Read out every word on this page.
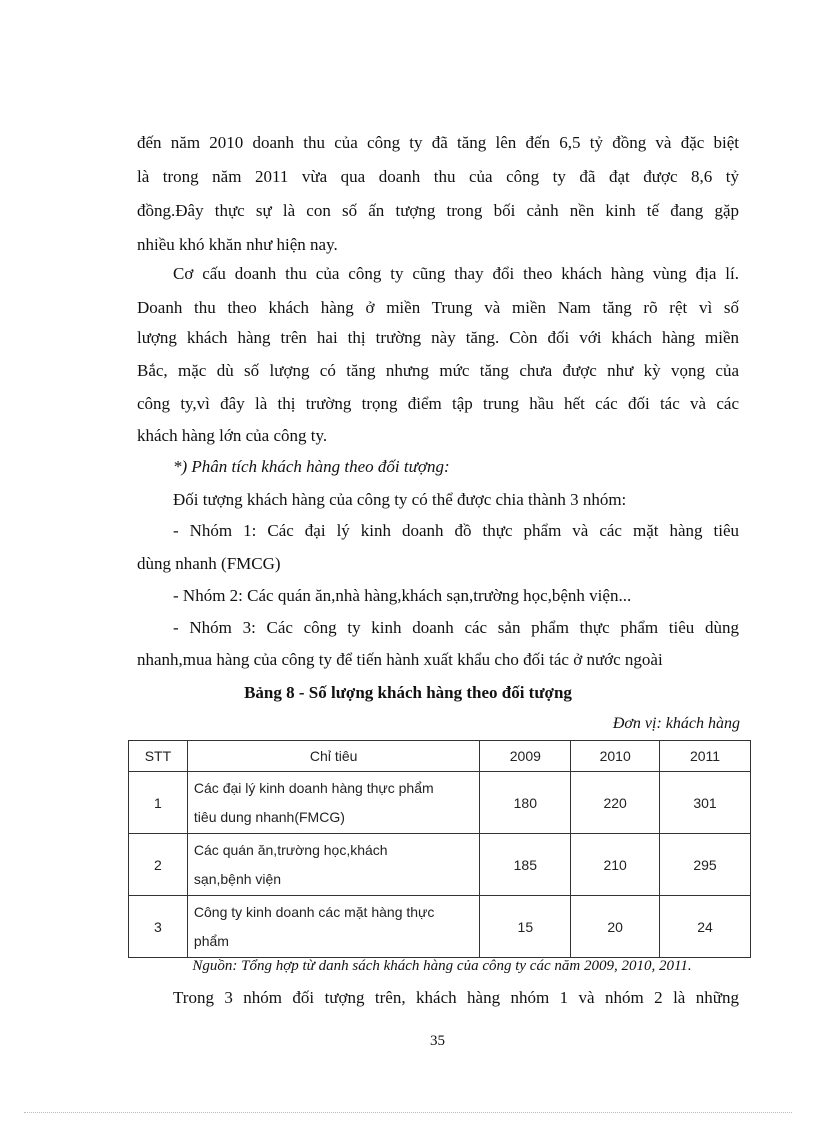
đến năm 2010 doanh thu của công ty đã tăng lên đến 6,5 tỷ đồng và đặc biệt
là trong năm 2011 vừa qua doanh thu của công ty đã đạt được 8,6 tỷ
đồng.Đây thực sự là con số ấn tượng trong bối cảnh nền kinh tế đang gặp
nhiều khó khăn như hiện nay.
Cơ cấu doanh thu của công ty cũng thay đổi theo khách hàng vùng địa lí.
Doanh thu theo khách hàng ở miền Trung và miền Nam tăng rõ rệt vì số
lượng khách hàng trên hai thị trường này tăng. Còn đối với khách hàng miền
Bắc, mặc dù số lượng có tăng nhưng mức tăng chưa được như kỳ vọng của
công ty,vì đây là thị trường trọng điểm tập trung hầu hết các đối tác và các
khách hàng lớn của công ty.
*) Phân tích khách hàng theo đối tượng:
Đối tượng khách hàng của công ty có thể được chia thành 3 nhóm:
- Nhóm 1: Các đại lý kinh doanh đồ thực phẩm và các mặt hàng tiêu
dùng nhanh (FMCG)
- Nhóm 2: Các quán ăn,nhà hàng,khách sạn,trường học,bệnh viện...
- Nhóm 3: Các công ty kinh doanh các sản phẩm thực phẩm tiêu dùng
nhanh,mua hàng của công ty để tiến hành xuất khẩu cho đối tác ở nước ngoài
Bảng 8 - Số lượng khách hàng theo đối tượng
Đơn vị: khách hàng
STT	Chỉ tiêu	2009	2010	2011
1	Các đại lý kinh doanh hàng thực phẩm
tiêu dung nhanh(FMCG)	180	220	301
2	Các quán ăn,trường học,khách
sạn,bệnh viện	185	210	295
3	Công ty kinh doanh các mặt hàng thực
phẩm	15	20	24
Nguồn: Tổng hợp từ danh sách khách hàng của công ty các năm 2009, 2010, 2011.
Trong 3 nhóm đối tượng trên, khách hàng nhóm 1 và nhóm 2 là những
35
